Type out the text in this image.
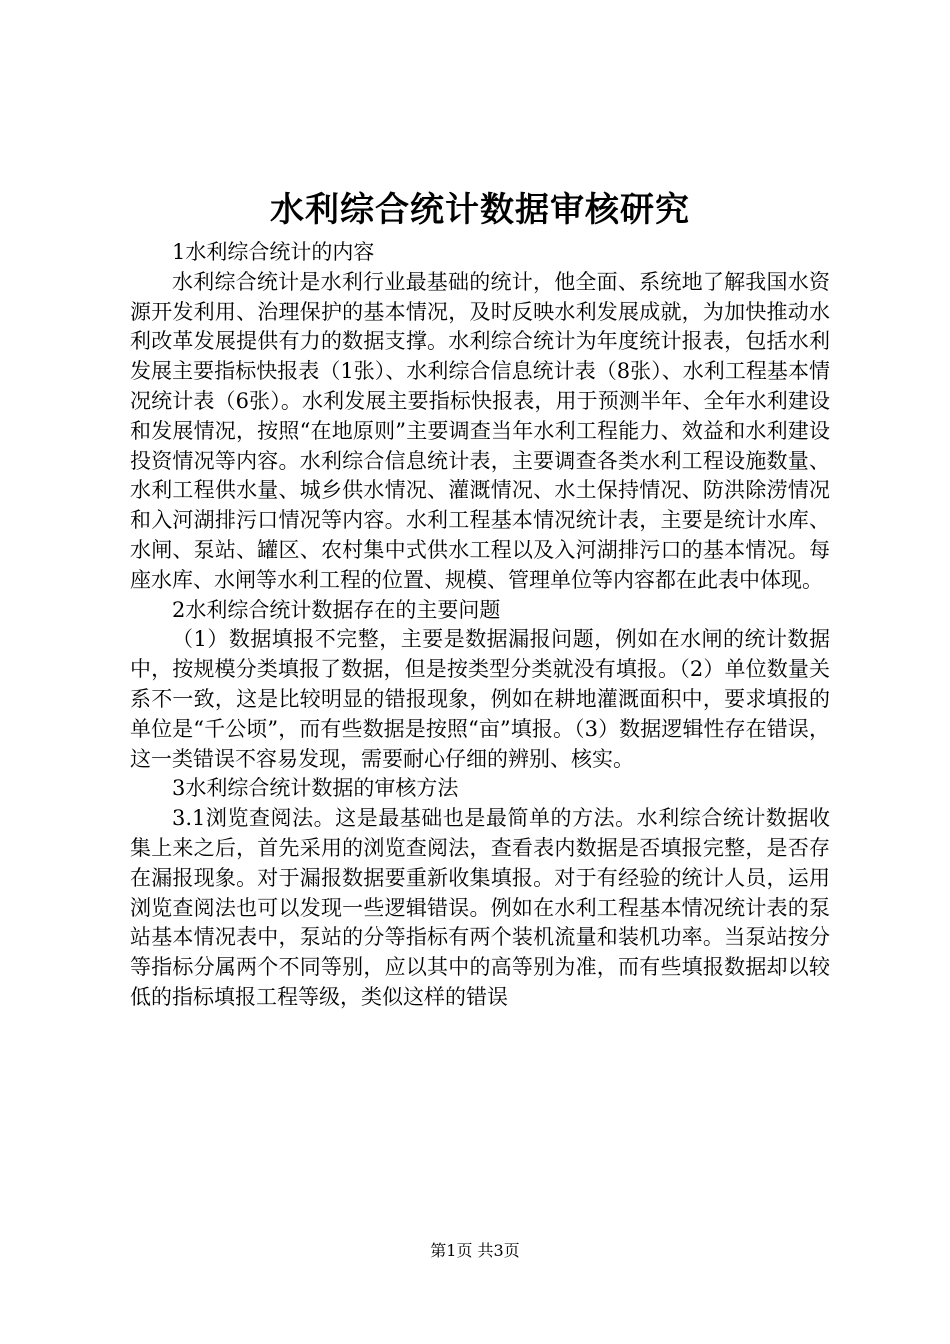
水利综合统计数据审核研究
1水利综合统计的内容

水利综合统计是水利行业最基础的统计，他全面、系统地了解我国水资源开发利用、治理保护的基本情况，及时反映水利发展成就，为加快推动水利改革发展提供有力的数据支撑。水利综合统计为年度统计报表，包括水利发展主要指标快报表（1张）、水利综合信息统计表（8张）、水利工程基本情况统计表（6张）。水利发展主要指标快报表，用于预测半年、全年水利建设和发展情况，按照“在地原则”主要调查当年水利工程能力、效益和水利建设投资情况等内容。水利综合信息统计表，主要调查各类水利工程设施数量、水利工程供水量、城乡供水情况、灌溉情况、水土保持情况、防洪除涝情况和入河湖排污口情况等内容。水利工程基本情况统计表，主要是统计水库、水闸、泵站、罐区、农村集中式供水工程以及入河湖排污口的基本情况。每座水库、水闸等水利工程的位置、规模、管理单位等内容都在此表中体现。

2水利综合统计数据存在的主要问题

（1）数据填报不完整，主要是数据漏报问题，例如在水闸的统计数据中，按规模分类填报了数据，但是按类型分类就没有填报。（2）单位数量关系不一致，这是比较明显的错报现象，例如在耕地灌溉面积中，要求填报的单位是“千公顷”，而有些数据是按照“亩”填报。（3）数据逻辑性存在错误，这一类错误不容易发现，需要耐心仔细的辨别、核实。

3水利综合统计数据的审核方法

3.1浏览查阅法。这是最基础也是最简单的方法。水利综合统计数据收集上来之后，首先采用的浏览查阅法，查看表内数据是否填报完整，是否存在漏报现象。对于漏报数据要重新收集填报。对于有经验的统计人员，运用浏览查阅法也可以发现一些逻辑错误。例如在水利工程基本情况统计表的泵站基本情况表中，泵站的分等指标有两个装机流量和装机功率。当泵站按分等指标分属两个不同等别，应以其中的高等别为准，而有些填报数据却以较低的指标填报工程等级，类似这样的错误

第1页 共3页
